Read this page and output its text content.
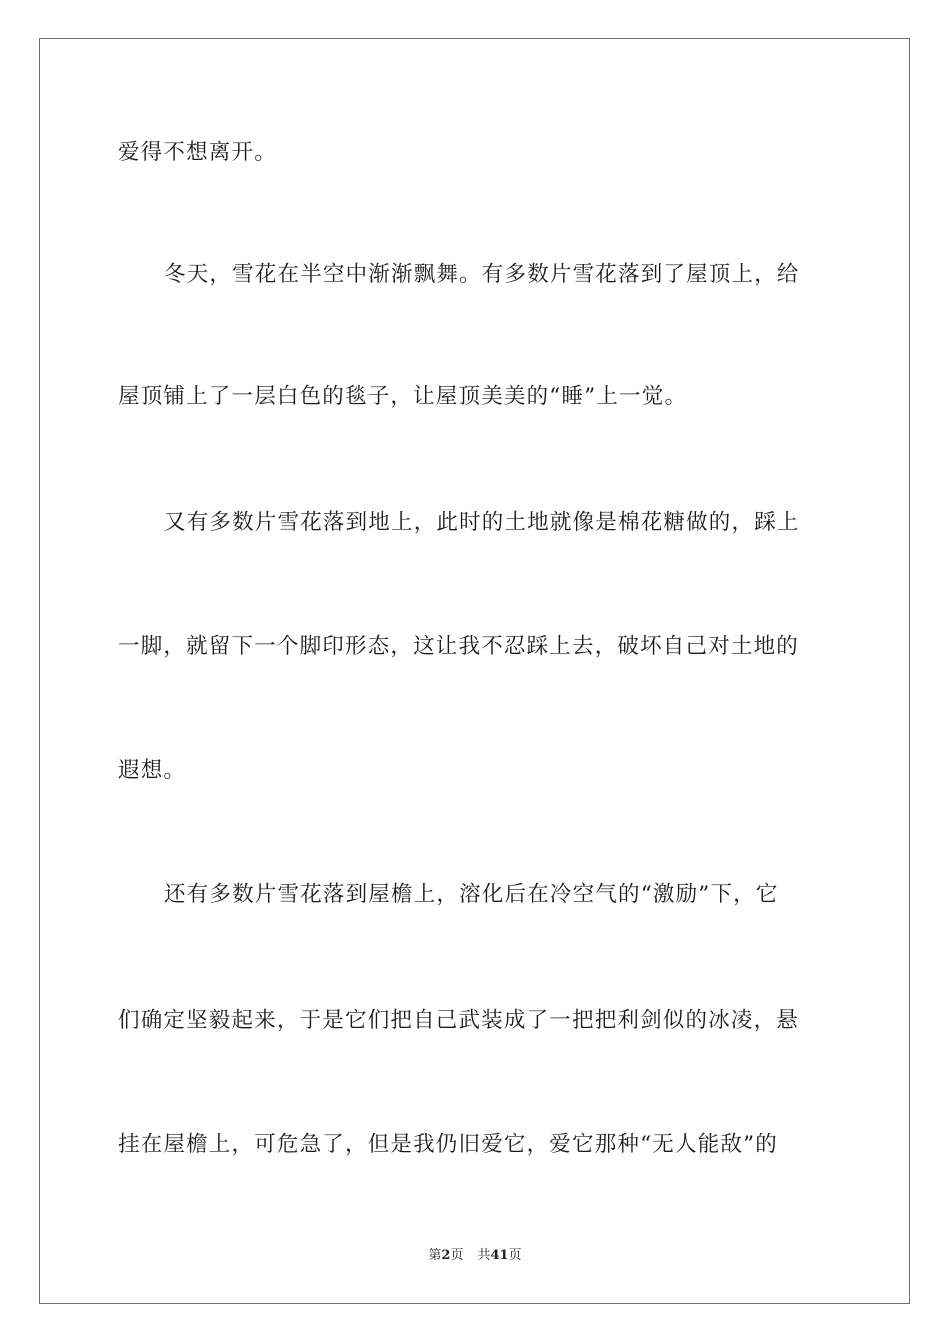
爱得不想离开。
冬天，雪花在半空中渐渐飘舞。有多数片雪花落到了屋顶上，给
屋顶铺上了一层白色的毯子，让屋顶美美的“睡”上一觉。
又有多数片雪花落到地上，此时的土地就像是棉花糖做的，踩上
一脚，就留下一个脚印形态，这让我不忍踩上去，破坏自己对土地的
遐想。
还有多数片雪花落到屋檐上，溶化后在冷空气的“激励”下，它
们确定坚毅起来，于是它们把自己武装成了一把把利剑似的冰凌，悬
挂在屋檐上，可危急了，但是我仍旧爱它，爱它那种“无人能敌”的
第2页 共41页
